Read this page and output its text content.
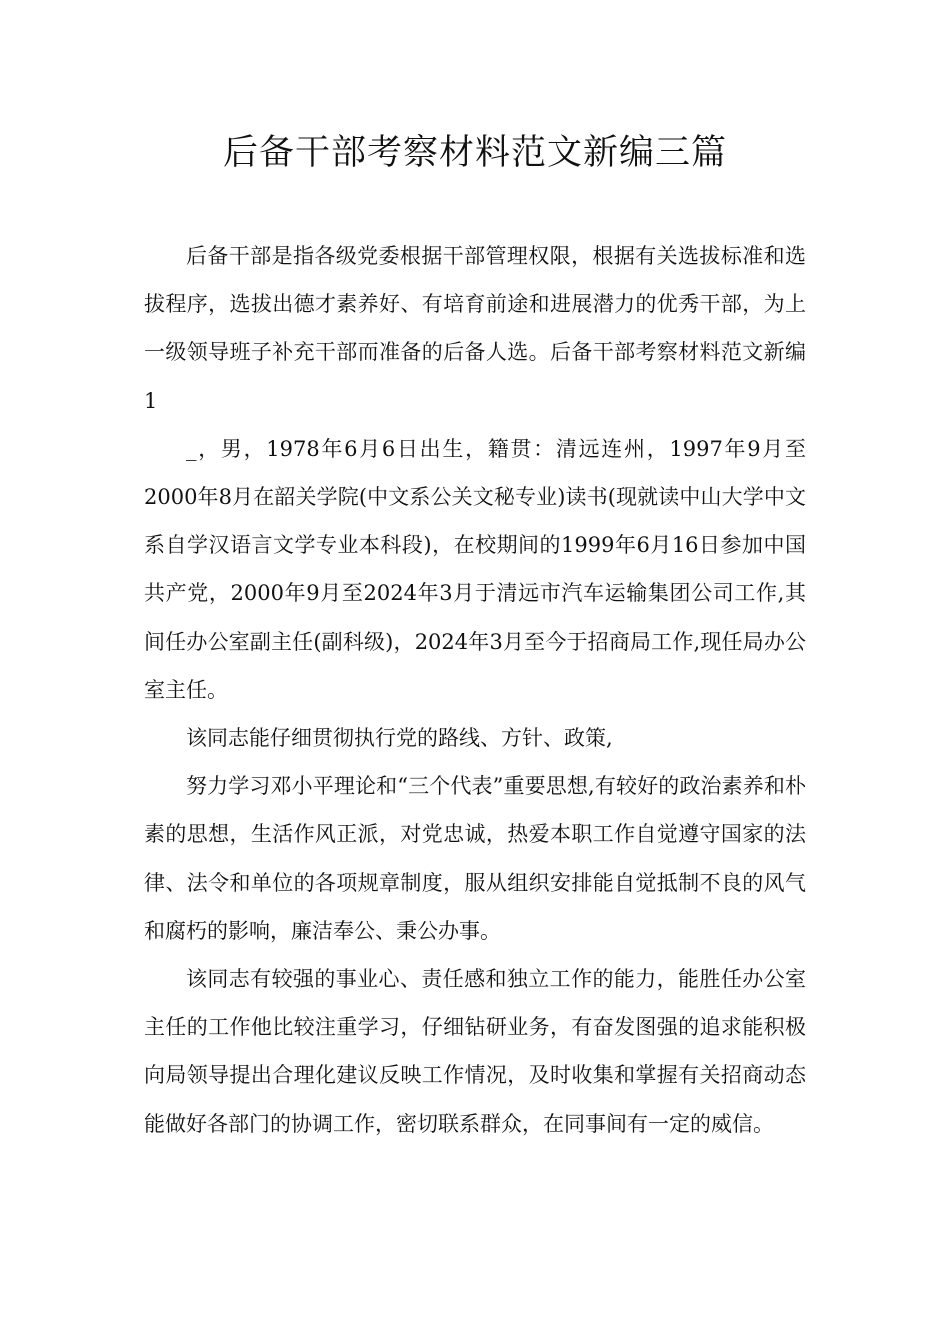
后备干部考察材料范文新编三篇

后备干部是指各级党委根据干部管理权限，根据有关选拔标准和选拔程序，选拔出德才素养好、有培育前途和进展潜力的优秀干部，为上一级领导班子补充干部而准备的后备人选。后备干部考察材料范文新编1

_，男，1978年6月6日出生，籍贯：清远连州，1997年9月至2000年8月在韶关学院(中文系公关文秘专业)读书(现就读中山大学中文系自学汉语言文学专业本科段)，在校期间的1999年6月16日参加中国共产党，2000年9月至2024年3月于清远市汽车运输集团公司工作,其间任办公室副主任(副科级)，2024年3月至今于招商局工作,现任局办公室主任。

该同志能仔细贯彻执行党的路线、方针、政策,

努力学习邓小平理论和“三个代表”重要思想,有较好的政治素养和朴素的思想，生活作风正派，对党忠诚，热爱本职工作自觉遵守国家的法律、法令和单位的各项规章制度，服从组织安排能自觉抵制不良的风气和腐朽的影响，廉洁奉公、秉公办事。

该同志有较强的事业心、责任感和独立工作的能力，能胜任办公室主任的工作他比较注重学习，仔细钻研业务，有奋发图强的追求能积极向局领导提出合理化建议反映工作情况，及时收集和掌握有关招商动态能做好各部门的协调工作，密切联系群众，在同事间有一定的威信。
